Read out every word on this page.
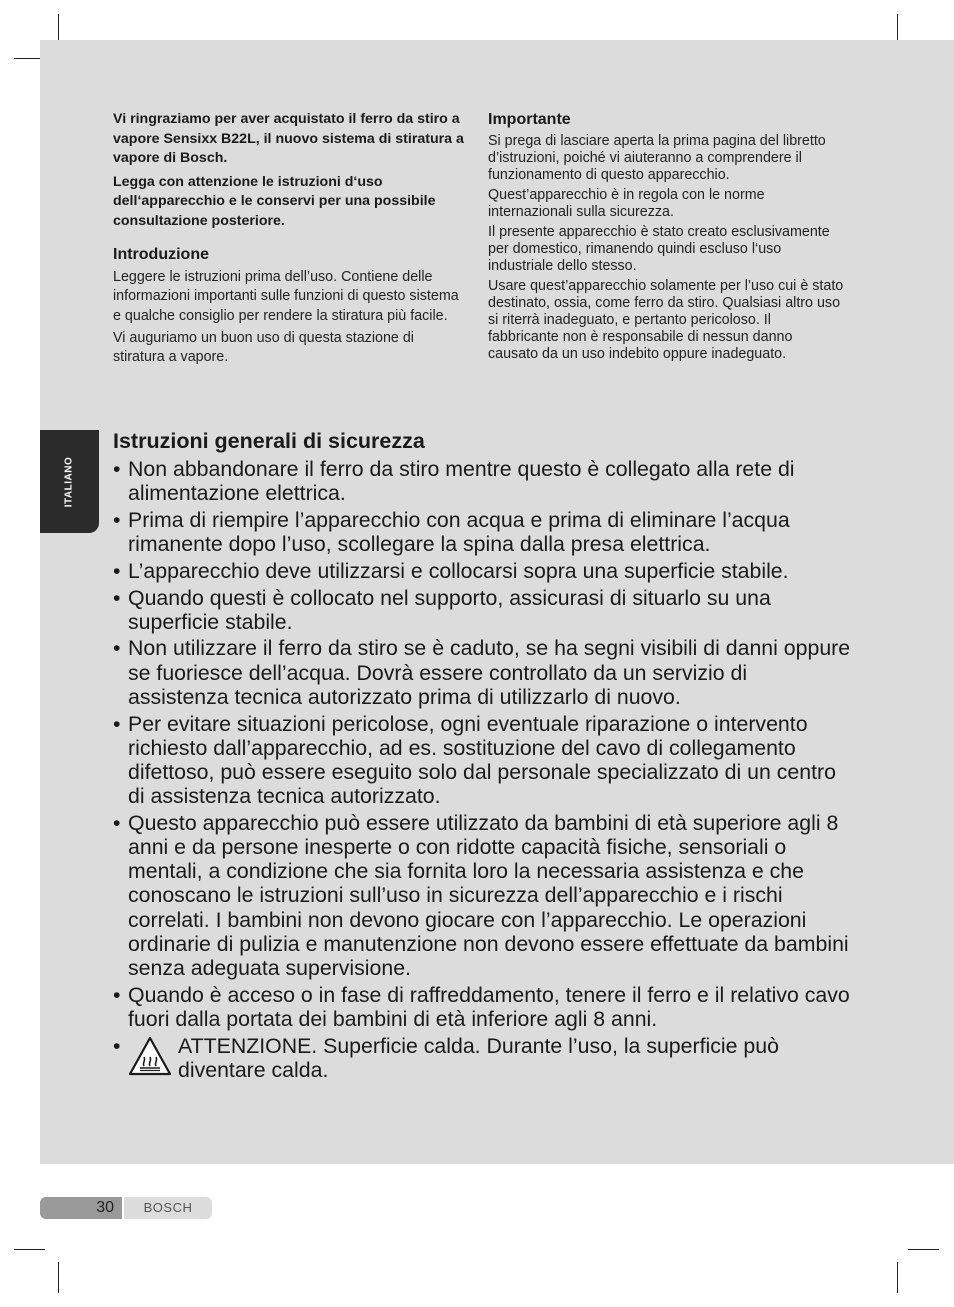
ITALIANO

Vi ringraziamo per aver acquistato il ferro da stiro a vapore Sensixx B22L, il nuovo sistema di stiratura a vapore di Bosch.

Legga con attenzione le istruzioni d‘uso dell‘apparecchio e le conservi per una possibile consultazione posteriore.

Introduzione

Leggere le istruzioni prima dell’uso. Contiene delle informazioni importanti sulle funzioni di questo sistema e qualche consiglio per rendere la stiratura più facile.

Vi auguriamo un buon uso di questa stazione di stiratura a vapore.

Importante

Si prega di lasciare aperta la prima pagina del libretto d’istruzioni, poiché vi aiuteranno a comprendere il funzionamento di questo apparecchio.

Quest’apparecchio è in regola con le norme internazionali sulla sicurezza.

Il presente apparecchio è stato creato esclusivamente per domestico, rimanendo quindi escluso l‘uso industriale dello stesso.

Usare quest’apparecchio solamente per l’uso cui è stato destinato, ossia, come ferro da stiro. Qualsiasi altro uso si riterrà inadeguato, e pertanto pericoloso. Il fabbricante non è responsabile di nessun danno causato da un uso indebito oppure inadeguato.

Istruzioni generali di sicurezza
• Non abbandonare il ferro da stiro mentre questo è collegato alla rete di alimentazione elettrica.
• Prima di riempire l’apparecchio con acqua e prima di eliminare l’acqua rimanente dopo l’uso, scollegare la spina dalla presa elettrica.
• L’apparecchio deve utilizzarsi e collocarsi sopra una superficie stabile.
• Quando questi è collocato nel supporto, assicurasi di situarlo su una superficie stabile.
• Non utilizzare il ferro da stiro se è caduto, se ha segni visibili di danni oppure se fuoriesce dell’acqua. Dovrà essere controllato da un servizio di assistenza tecnica autorizzato prima di utilizzarlo di nuovo.
• Per evitare situazioni pericolose, ogni eventuale riparazione o intervento richiesto dall’apparecchio, ad es. sostituzione del cavo di collegamento difettoso, può essere eseguito solo dal personale specializzato di un centro di assistenza tecnica autorizzato.
• Questo apparecchio può essere utilizzato da bambini di età superiore agli 8 anni e da persone inesperte o con ridotte capacità fisiche, sensoriali o mentali, a condizione che sia fornita loro la necessaria assistenza e che conoscano le istruzioni sull’uso in sicurezza dell’apparecchio e i rischi correlati. I bambini non devono giocare con l’apparecchio. Le operazioni ordinarie di pulizia e manutenzione non devono essere effettuate da bambini senza adeguata supervisione.
• Quando è acceso o in fase di raffreddamento, tenere il ferro e il relativo cavo fuori dalla portata dei bambini di età inferiore agli 8 anni.
•	ATTENZIONE. Superficie calda. Durante l’uso, la superficie può diventare calda.
30	BOSCH
